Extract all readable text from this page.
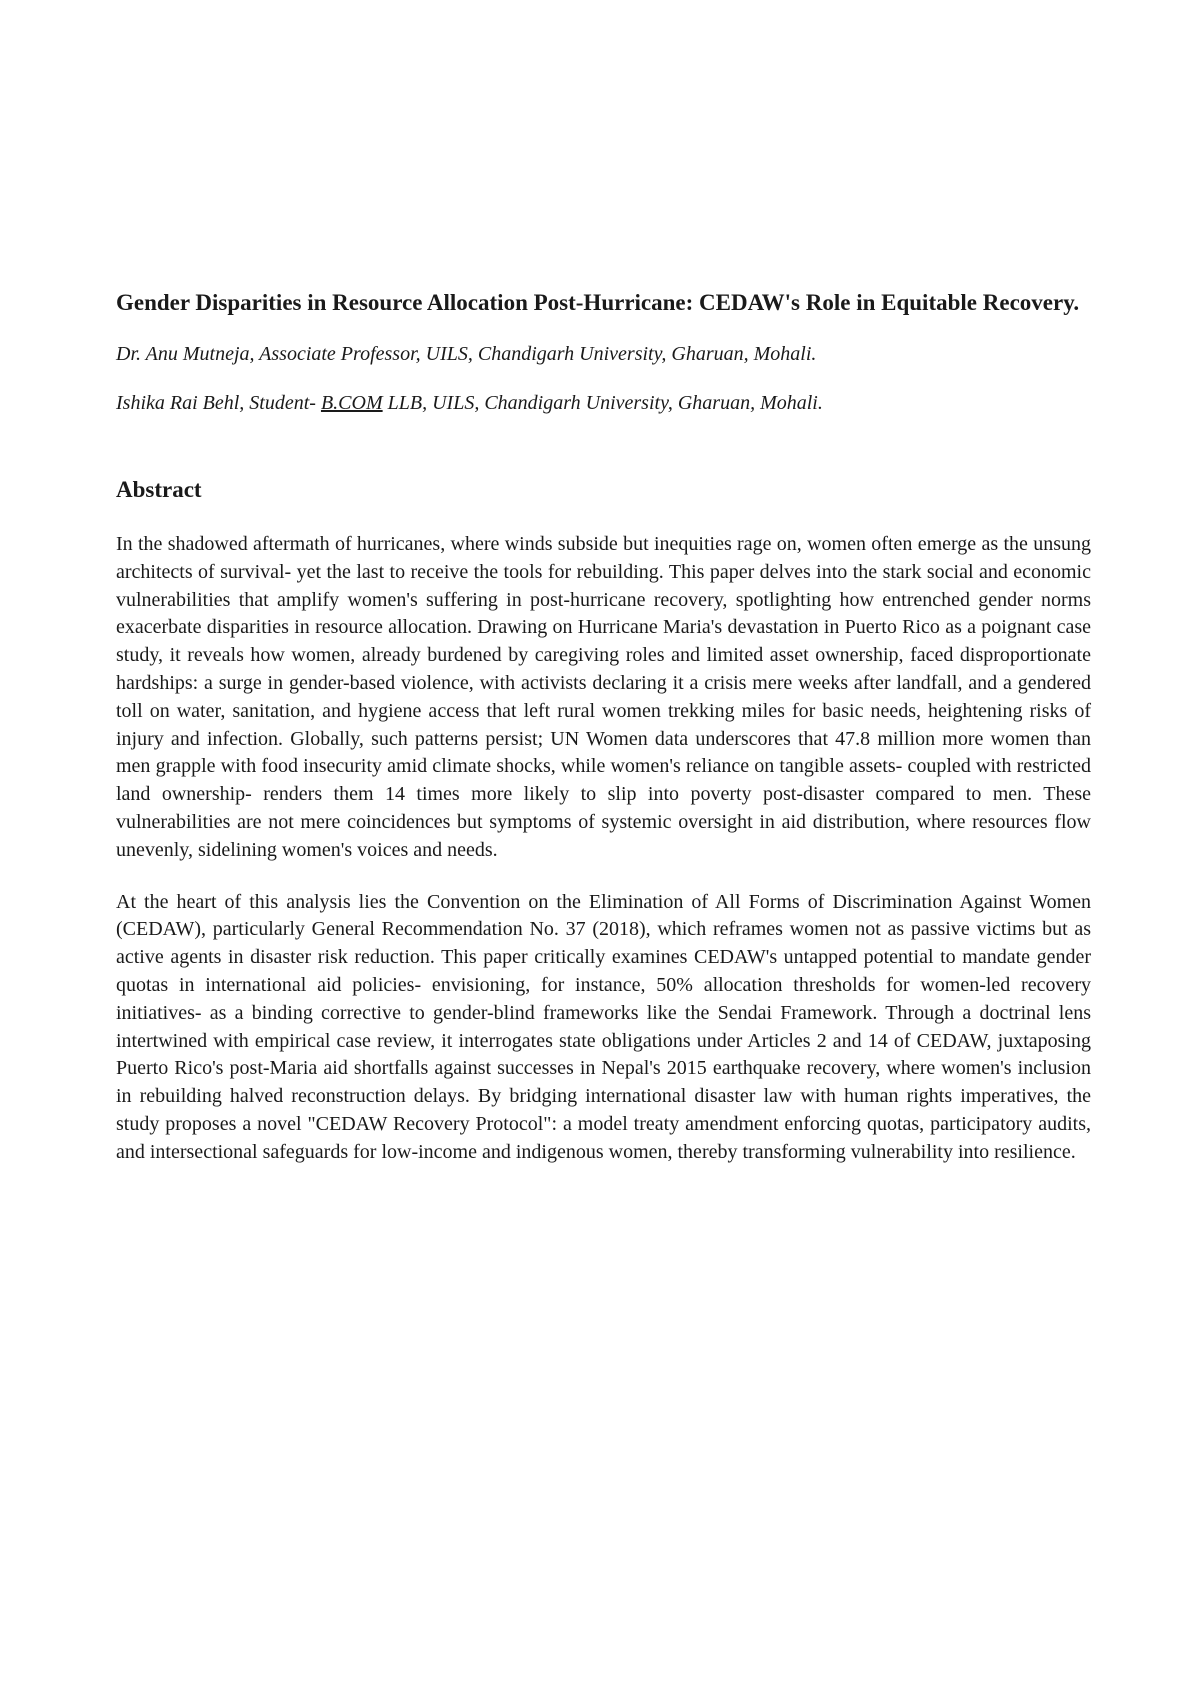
Gender Disparities in Resource Allocation Post-Hurricane: CEDAW's Role in Equitable Recovery.

Dr. Anu Mutneja, Associate Professor, UILS, Chandigarh University, Gharuan, Mohali.

Ishika Rai Behl, Student- B.COM LLB, UILS, Chandigarh University, Gharuan, Mohali.

Abstract

In the shadowed aftermath of hurricanes, where winds subside but inequities rage on, women often emerge as the unsung architects of survival- yet the last to receive the tools for rebuilding. This paper delves into the stark social and economic vulnerabilities that amplify women's suffering in post-hurricane recovery, spotlighting how entrenched gender norms exacerbate disparities in resource allocation. Drawing on Hurricane Maria's devastation in Puerto Rico as a poignant case study, it reveals how women, already burdened by caregiving roles and limited asset ownership, faced disproportionate hardships: a surge in gender-based violence, with activists declaring it a crisis mere weeks after landfall, and a gendered toll on water, sanitation, and hygiene access that left rural women trekking miles for basic needs, heightening risks of injury and infection. Globally, such patterns persist; UN Women data underscores that 47.8 million more women than men grapple with food insecurity amid climate shocks, while women's reliance on tangible assets- coupled with restricted land ownership- renders them 14 times more likely to slip into poverty post-disaster compared to men. These vulnerabilities are not mere coincidences but symptoms of systemic oversight in aid distribution, where resources flow unevenly, sidelining women's voices and needs.

At the heart of this analysis lies the Convention on the Elimination of All Forms of Discrimination Against Women (CEDAW), particularly General Recommendation No. 37 (2018), which reframes women not as passive victims but as active agents in disaster risk reduction. This paper critically examines CEDAW's untapped potential to mandate gender quotas in international aid policies- envisioning, for instance, 50% allocation thresholds for women-led recovery initiatives- as a binding corrective to gender-blind frameworks like the Sendai Framework. Through a doctrinal lens intertwined with empirical case review, it interrogates state obligations under Articles 2 and 14 of CEDAW, juxtaposing Puerto Rico's post-Maria aid shortfalls against successes in Nepal's 2015 earthquake recovery, where women's inclusion in rebuilding halved reconstruction delays. By bridging international disaster law with human rights imperatives, the study proposes a novel "CEDAW Recovery Protocol": a model treaty amendment enforcing quotas, participatory audits, and intersectional safeguards for low-income and indigenous women, thereby transforming vulnerability into resilience.
